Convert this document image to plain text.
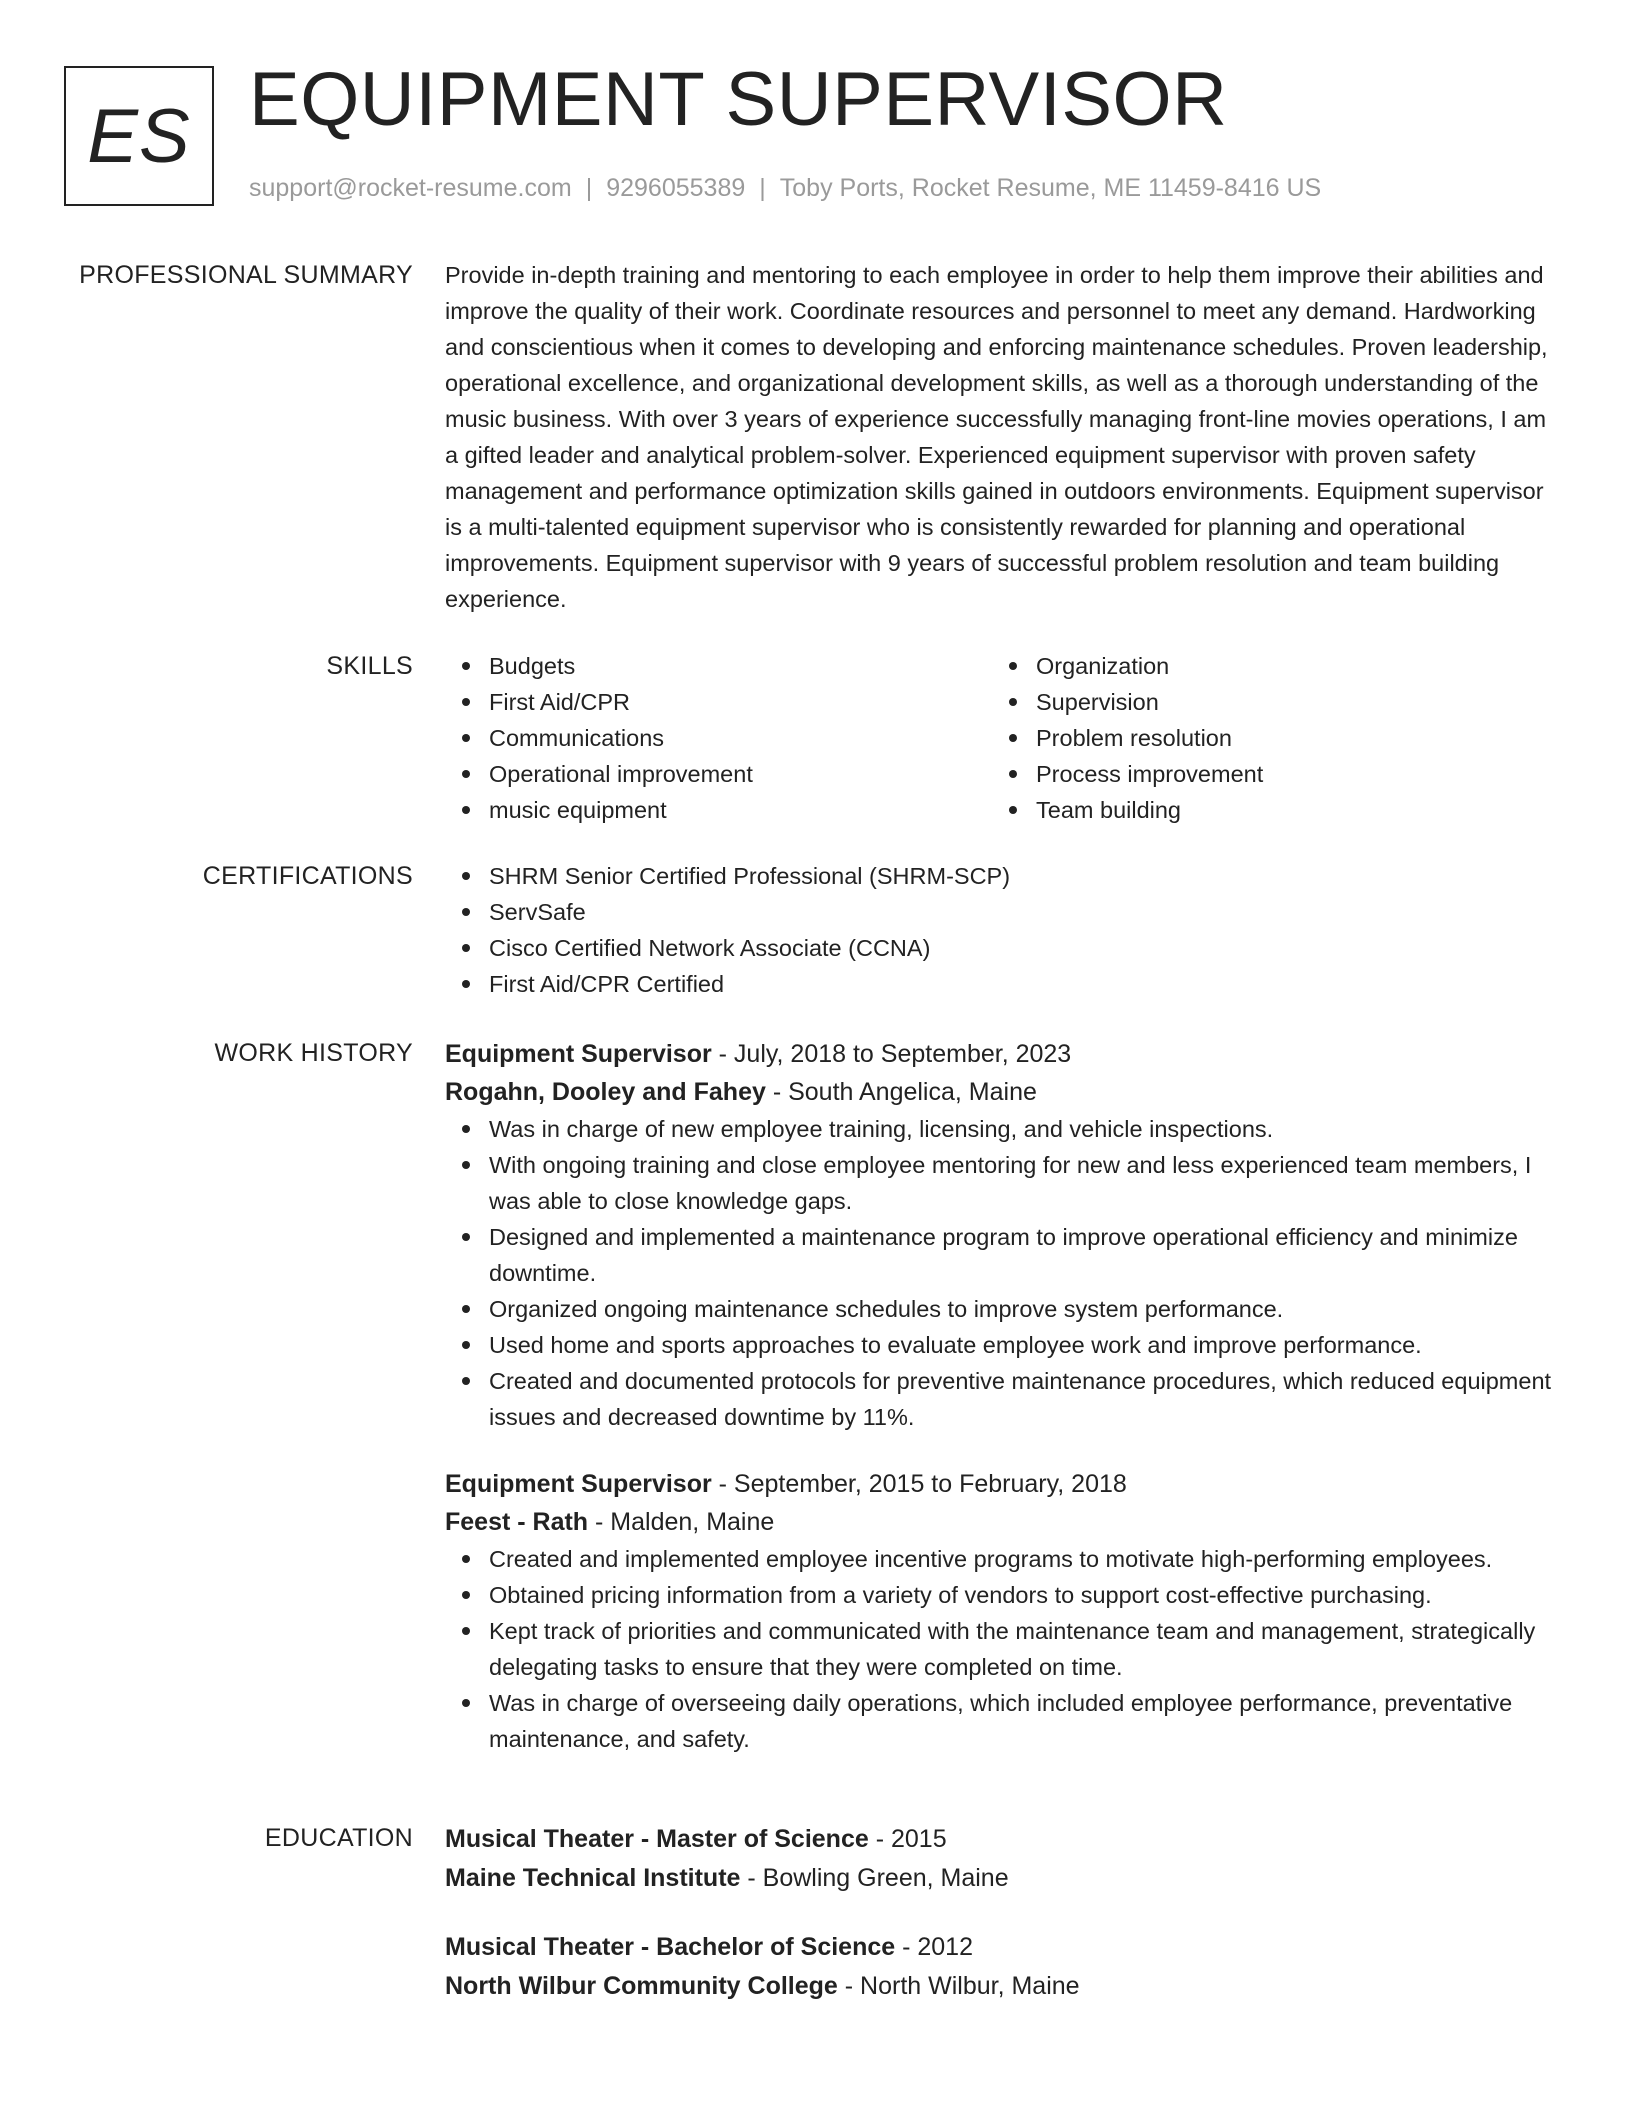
ES EQUIPMENT SUPERVISOR
support@rocket-resume.com | 9296055389 | Toby Ports, Rocket Resume, ME 11459-8416 US
PROFESSIONAL SUMMARY Provide in-depth training and mentoring to each employee in order to help them improve their abilities and improve the quality of their work. Coordinate resources and personnel to meet any demand. Hardworking and conscientious when it comes to developing and enforcing maintenance schedules. Proven leadership, operational excellence, and organizational development skills, as well as a thorough understanding of the music business. With over 3 years of experience successfully managing front-line movies operations, I am a gifted leader and analytical problem-solver. Experienced equipment supervisor with proven safety management and performance optimization skills gained in outdoors environments. Equipment supervisor is a multi-talented equipment supervisor who is consistently rewarded for planning and operational improvements. Equipment supervisor with 9 years of successful problem resolution and team building experience.

SKILLS	Budgets
First Aid/CPR
Communications
Operational improvement
music equipment
Organization
Supervision
Problem resolution
Process improvement
Team building
CERTIFICATIONS	SHRM Senior Certified Professional (SHRM-SCP)
ServSafe
Cisco Certified Network Associate (CCNA)
First Aid/CPR Certified
WORK HISTORY Equipment Supervisor - July, 2018 to September, 2023
Rogahn, Dooley and Fahey - South Angelica, Maine
Was in charge of new employee training, licensing, and vehicle inspections.
With ongoing training and close employee mentoring for new and less experienced team members, I was able to close knowledge gaps.
Designed and implemented a maintenance program to improve operational efficiency and minimize downtime.
Organized ongoing maintenance schedules to improve system performance.
Used home and sports approaches to evaluate employee work and improve performance.
Created and documented protocols for preventive maintenance procedures, which reduced equipment issues and decreased downtime by 11%.
Equipment Supervisor - September, 2015 to February, 2018
Feest - Rath - Malden, Maine
Created and implemented employee incentive programs to motivate high-performing employees.
Obtained pricing information from a variety of vendors to support cost-effective purchasing.
Kept track of priorities and communicated with the maintenance team and management, strategically delegating tasks to ensure that they were completed on time.
Was in charge of overseeing daily operations, which included employee performance, preventative maintenance, and safety.
EDUCATION Musical Theater - Master of Science - 2015
Maine Technical Institute - Bowling Green, Maine
Musical Theater - Bachelor of Science - 2012
North Wilbur Community College - North Wilbur, Maine
